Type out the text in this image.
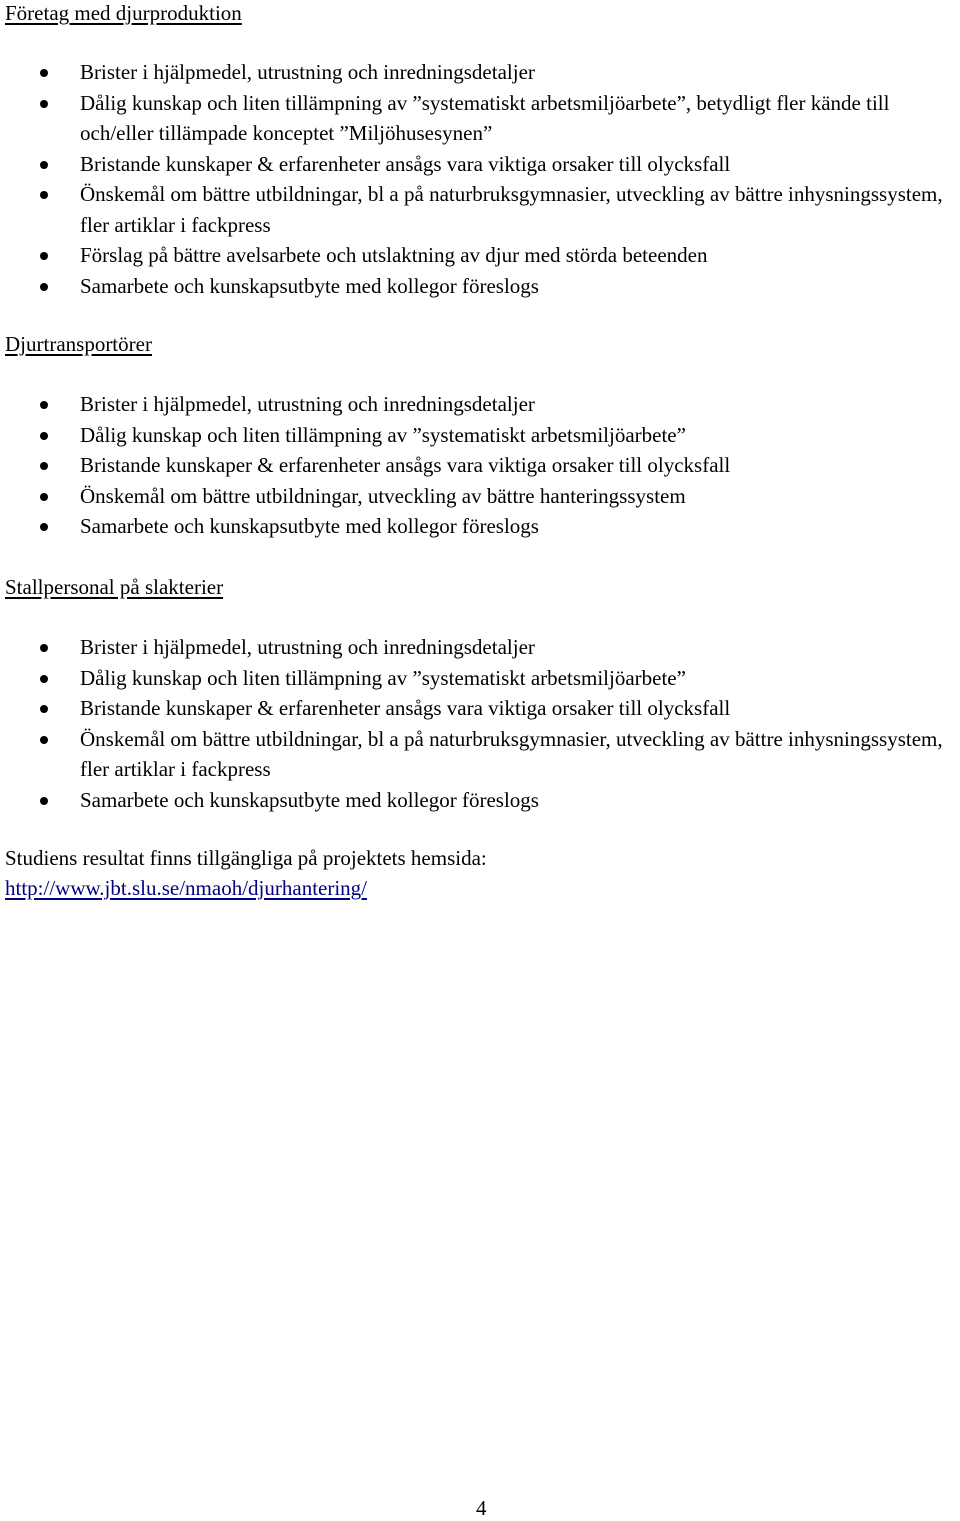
Företag med djurproduktion
Brister i hjälpmedel, utrustning och inredningsdetaljer
Dålig kunskap och liten tillämpning av ”systematiskt arbetsmiljöarbete”, betydligt fler kände till och/eller tillämpade konceptet ”Miljöhusesynen”
Bristande kunskaper & erfarenheter ansågs vara viktiga orsaker till olycksfall
Önskemål om bättre utbildningar, bl a på naturbruksgymnasier, utveckling av bättre inhysningssystem, fler artiklar i fackpress
Förslag på bättre avelsarbete och utslaktning av djur med störda beteenden
Samarbete och kunskapsutbyte med kollegor föreslogs
Djurtransportörer
Brister i hjälpmedel, utrustning och inredningsdetaljer
Dålig kunskap och liten tillämpning av ”systematiskt arbetsmiljöarbete”
Bristande kunskaper & erfarenheter ansågs vara viktiga orsaker till olycksfall
Önskemål om bättre utbildningar, utveckling av bättre hanteringssystem
Samarbete och kunskapsutbyte med kollegor föreslogs
Stallpersonal på slakterier
Brister i hjälpmedel, utrustning och inredningsdetaljer
Dålig kunskap och liten tillämpning av ”systematiskt arbetsmiljöarbete”
Bristande kunskaper & erfarenheter ansågs vara viktiga orsaker till olycksfall
Önskemål om bättre utbildningar, bl a på naturbruksgymnasier, utveckling av bättre inhysningssystem, fler artiklar i fackpress
Samarbete och kunskapsutbyte med kollegor föreslogs
Studiens resultat finns tillgängliga på projektets hemsida:
http://www.jbt.slu.se/nmaoh/djurhantering/
4
